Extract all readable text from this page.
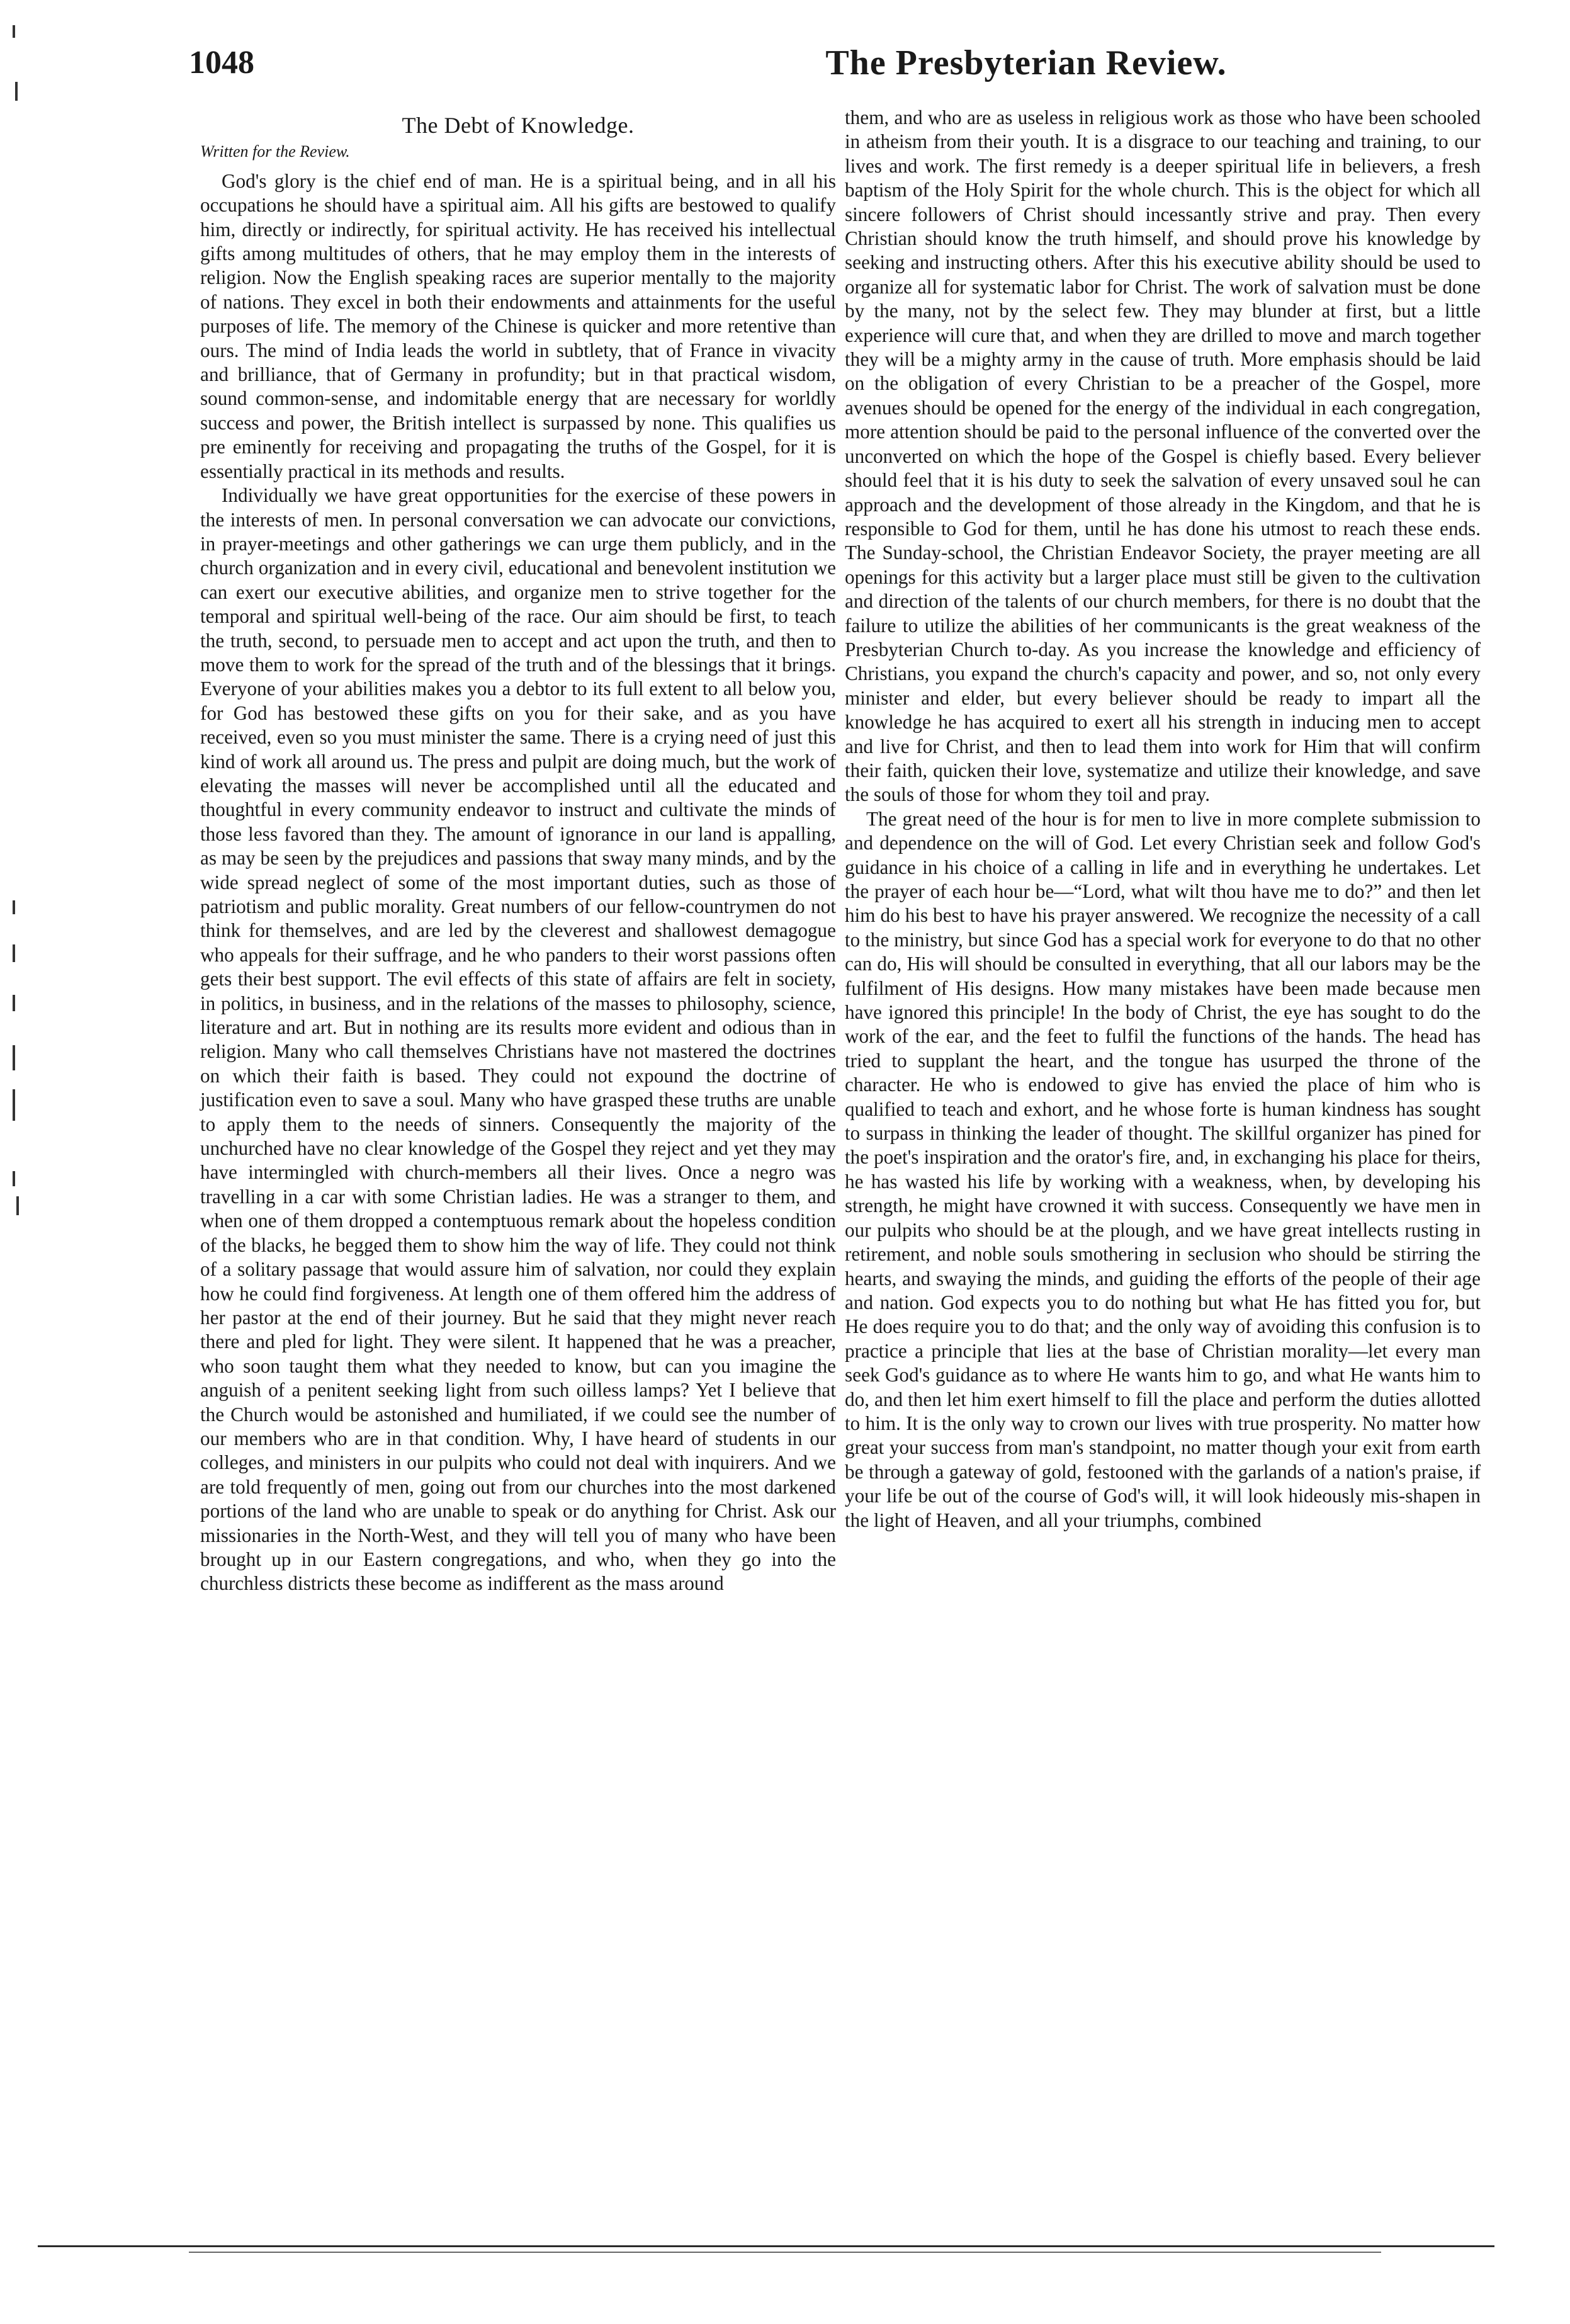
1048	The Presbyterian Review.
The Debt of Knowledge.

Written for the Review.

God's glory is the chief end of man. He is a spiritual being, and in all his occupations he should have a spiritual aim. All his gifts are bestowed to qualify him, directly or indirectly, for spiritual activity. He has received his intellectual gifts among multitudes of others, that he may employ them in the interests of religion. Now the English speaking races are superior mentally to the majority of nations. They excel in both their endowments and attainments for the useful purposes of life. The memory of the Chinese is quicker and more retentive than ours. The mind of India leads the world in subtlety, that of France in vivacity and brilliance, that of Germany in profundity; but in that practical wisdom, sound common-sense, and indomitable energy that are necessary for worldly success and power, the British intellect is surpassed by none. This qualifies us pre eminently for receiving and propagating the truths of the Gospel, for it is essentially practical in its methods and results.

Individually we have great opportunities for the exercise of these powers in the interests of men. In personal conversation we can advocate our convictions, in prayer-meetings and other gatherings we can urge them publicly, and in the church organization and in every civil, educational and benevolent institution we can exert our executive abilities, and organize men to strive together for the temporal and spiritual well-being of the race. Our aim should be first, to teach the truth, second, to persuade men to accept and act upon the truth, and then to move them to work for the spread of the truth and of the blessings that it brings. Everyone of your abilities makes you a debtor to its full extent to all below you, for God has bestowed these gifts on you for their sake, and as you have received, even so you must minister the same. There is a crying need of just this kind of work all around us. The press and pulpit are doing much, but the work of elevating the masses will never be accomplished until all the educated and thoughtful in every community endeavor to instruct and cultivate the minds of those less favored than they. The amount of ignorance in our land is appalling, as may be seen by the prejudices and passions that sway many minds, and by the wide spread neglect of some of the most important duties, such as those of patriotism and public morality. Great numbers of our fellow-countrymen do not think for themselves, and are led by the cleverest and shallowest demagogue who appeals for their suffrage, and he who panders to their worst passions often gets their best support. The evil effects of this state of affairs are felt in society, in politics, in business, and in the relations of the masses to philosophy, science, literature and art. But in nothing are its results more evident and odious than in religion. Many who call themselves Christians have not mastered the doctrines on which their faith is based. They could not expound the doctrine of justification even to save a soul. Many who have grasped these truths are unable to apply them to the needs of sinners. Consequently the majority of the unchurched have no clear knowledge of the Gospel they reject and yet they may have intermingled with church-members all their lives. Once a negro was travelling in a car with some Christian ladies. He was a stranger to them, and when one of them dropped a contemptuous remark about the hopeless condition of the blacks, he begged them to show him the way of life. They could not think of a solitary passage that would assure him of salvation, nor could they explain how he could find forgiveness. At length one of them offered him the address of her pastor at the end of their journey. But he said that they might never reach there and pled for light. They were silent. It happened that he was a preacher, who soon taught them what they needed to know, but can you imagine the anguish of a penitent seeking light from such oilless lamps? Yet I believe that the Church would be astonished and humiliated, if we could see the number of our members who are in that condition. Why, I have heard of students in our colleges, and ministers in our pulpits who could not deal with inquirers. And we are told frequently of men, going out from our churches into the most darkened portions of the land who are unable to speak or do anything for Christ. Ask our missionaries in the North-West, and they will tell you of many who have been brought up in our Eastern congregations, and who, when they go into the churchless districts these become as indifferent as the mass around

them, and who are as useless in religious work as those who have been schooled in atheism from their youth. It is a disgrace to our teaching and training, to our lives and work. The first remedy is a deeper spiritual life in believers, a fresh baptism of the Holy Spirit for the whole church. This is the object for which all sincere followers of Christ should incessantly strive and pray. Then every Christian should know the truth himself, and should prove his knowledge by seeking and instructing others. After this his executive ability should be used to organize all for systematic labor for Christ. The work of salvation must be done by the many, not by the select few. They may blunder at first, but a little experience will cure that, and when they are drilled to move and march together they will be a mighty army in the cause of truth. More emphasis should be laid on the obligation of every Christian to be a preacher of the Gospel, more avenues should be opened for the energy of the individual in each congregation, more attention should be paid to the personal influence of the converted over the unconverted on which the hope of the Gospel is chiefly based. Every believer should feel that it is his duty to seek the salvation of every unsaved soul he can approach and the development of those already in the Kingdom, and that he is responsible to God for them, until he has done his utmost to reach these ends. The Sunday-school, the Christian Endeavor Society, the prayer meeting are all openings for this activity but a larger place must still be given to the cultivation and direction of the talents of our church members, for there is no doubt that the failure to utilize the abilities of her communicants is the great weakness of the Presbyterian Church to-day. As you increase the knowledge and efficiency of Christians, you expand the church's capacity and power, and so, not only every minister and elder, but every believer should be ready to impart all the knowledge he has acquired to exert all his strength in inducing men to accept and live for Christ, and then to lead them into work for Him that will confirm their faith, quicken their love, systematize and utilize their knowledge, and save the souls of those for whom they toil and pray.

The great need of the hour is for men to live in more complete submission to and dependence on the will of God. Let every Christian seek and follow God's guidance in his choice of a calling in life and in everything he undertakes. Let the prayer of each hour be—“Lord, what wilt thou have me to do?” and then let him do his best to have his prayer answered. We recognize the necessity of a call to the ministry, but since God has a special work for everyone to do that no other can do, His will should be consulted in everything, that all our labors may be the fulfilment of His designs. How many mistakes have been made because men have ignored this principle! In the body of Christ, the eye has sought to do the work of the ear, and the feet to fulfil the functions of the hands. The head has tried to supplant the heart, and the tongue has usurped the throne of the character. He who is endowed to give has envied the place of him who is qualified to teach and exhort, and he whose forte is human kindness has sought to surpass in thinking the leader of thought. The skillful organizer has pined for the poet's inspiration and the orator's fire, and, in exchanging his place for theirs, he has wasted his life by working with a weakness, when, by developing his strength, he might have crowned it with success. Consequently we have men in our pulpits who should be at the plough, and we have great intellects rusting in retirement, and noble souls smothering in seclusion who should be stirring the hearts, and swaying the minds, and guiding the efforts of the people of their age and nation. God expects you to do nothing but what He has fitted you for, but He does require you to do that; and the only way of avoiding this confusion is to practice a principle that lies at the base of Christian morality—let every man seek God's guidance as to where He wants him to go, and what He wants him to do, and then let him exert himself to fill the place and perform the duties allotted to him. It is the only way to crown our lives with true prosperity. No matter how great your success from man's standpoint, no matter though your exit from earth be through a gateway of gold, festooned with the garlands of a nation's praise, if your life be out of the course of God's will, it will look hideously mis-shapen in the light of Heaven, and all your triumphs, combined
